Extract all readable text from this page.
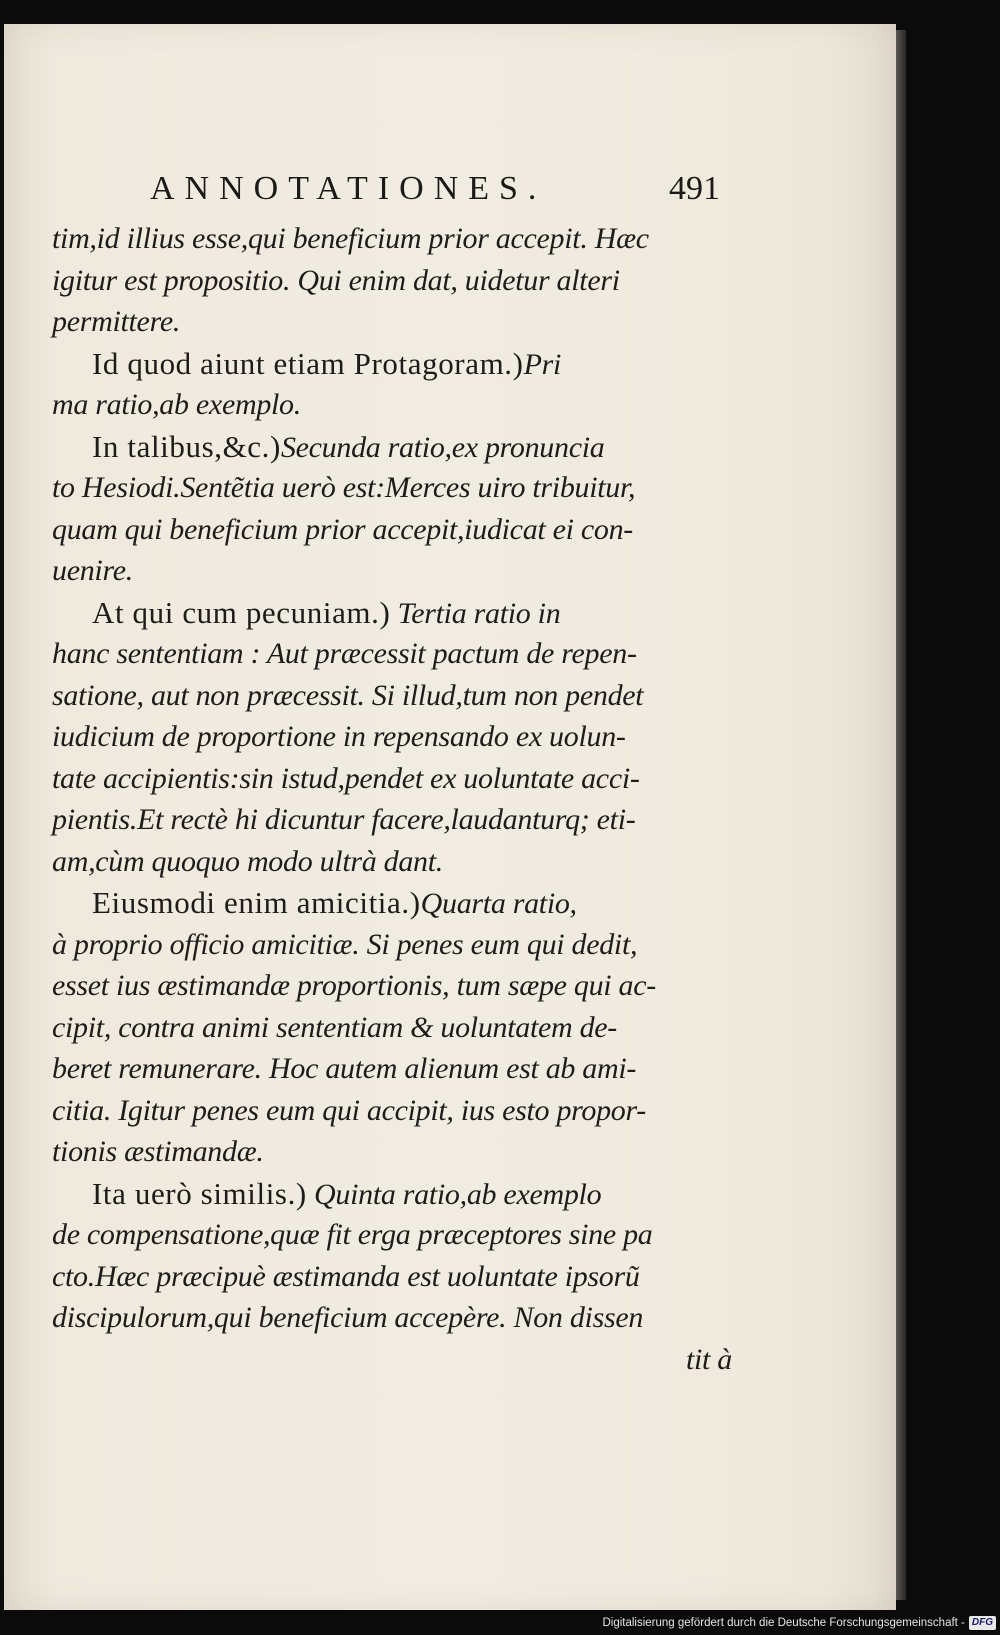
ANNOTATIONES.	491
tim,id illius esse,qui beneficium prior accepit. Hæc
igitur est propositio. Qui enim dat, uidetur alteri
permittere.
Id quod aiunt etiam Protagoram.)Pri
ma ratio,ab exemplo.
In talibus,&c.)Secunda ratio,ex pronuncia
to Hesiodi.Sentẽtia uerò est:Merces uiro tribuitur,
quam qui beneficium prior accepit,iudicat ei con-
uenire.
At qui cum pecuniam.) Tertia ratio in
hanc sententiam : Aut præcessit pactum de repen-
satione, aut non præcessit. Si illud,tum non pendet
iudicium de proportione in repensando ex uolun-
tate accipientis:sin istud,pendet ex uoluntate acci-
pientis.Et rectè hi dicuntur facere,laudanturq; eti-
am,cùm quoquo modo ultrà dant.
Eiusmodi enim amicitia.)Quarta ratio,
à proprio officio amicitiæ. Si penes eum qui dedit,
esset ius æstimandæ proportionis, tum sæpe qui ac-
cipit, contra animi sententiam & uoluntatem de-
beret remunerare. Hoc autem alienum est ab ami-
citia. Igitur penes eum qui accipit, ius esto propor-
tionis æstimandæ.
Ita uerò similis.) Quinta ratio,ab exemplo
de compensatione,quæ fit erga præceptores sine pa
cto.Hæc præcipuè æstimanda est uoluntate ipsorũ
discipulorum,qui beneficium accepère. Non dissen
tit à
Digitalisierung gefördert durch die Deutsche Forschungsgemeinschaft - DFG
